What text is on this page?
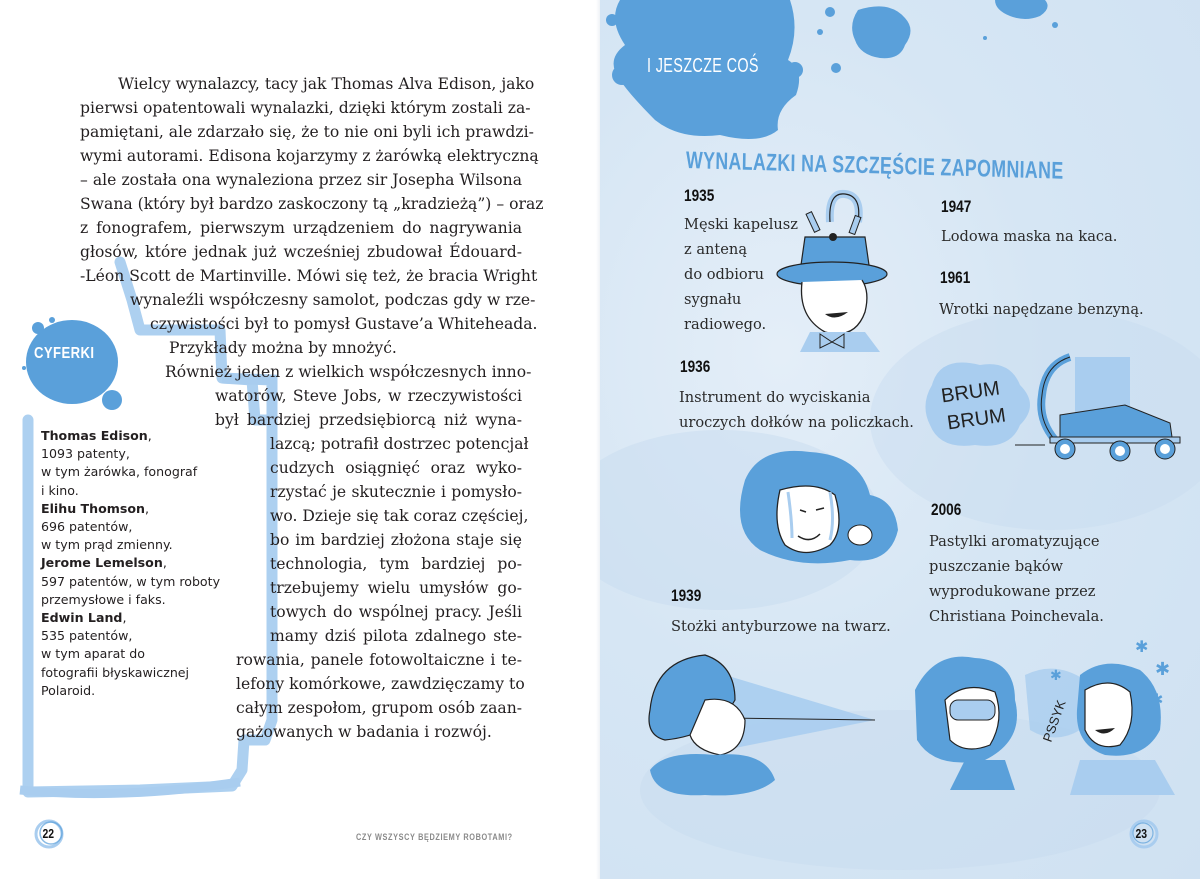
CYFERKI
Thomas Edison,
1093 patenty,
w tym żarówka, fonograf
i kino.
Elihu Thomson,
696 patentów,
w tym prąd zmienny.
Jerome Lemelson,
597 patentów, w tym roboty
przemysłowe i faks.
Edwin Land,
535 patentów,
w tym aparat do
fotografii błyskawicznej
Polaroid.
Wielcy wynalazcy, tacy jak Thomas Alva Edison, jako
pierwsi opatentowali wynalazki, dzięki którym zostali za-
pamiętani, ale zdarzało się, że to nie oni byli ich prawdzi-
wymi autorami. Edisona kojarzymy z żarówką elektryczną
– ale została ona wynaleziona przez sir Josepha Wilsona
Swana (który był bardzo zaskoczony tą „kradzieżą”) – oraz
z fonografem, pierwszym urządzeniem do nagrywania
głosów, które jednak już wcześniej zbudował Édouard-
-Léon Scott de Martinville. Mówi się też, że bracia Wright
wynaleźli współczesny samolot, podczas gdy w rze-
czywistości był to pomysł Gustave’a Whiteheada.
Przykłady można by mnożyć.
Również jeden z wielkich współczesnych inno-
watorów, Steve Jobs, w rzeczywistości
był bardziej przedsiębiorcą niż wyna-
lazcą; potrafił dostrzec potencjał
cudzych osiągnięć oraz wyko-
rzystać je skutecznie i pomysło-
wo. Dzieje się tak coraz częściej,
bo im bardziej złożona staje się
technologia, tym bardziej po-
trzebujemy wielu umysłów go-
towych do wspólnej pracy. Jeśli
mamy dziś pilota zdalnego ste-
rowania, panele fotowoltaiczne i te-
lefony komórkowe, zawdzięczamy to
całym zespołom, grupom osób zaan-
gażowanych w badania i rozwój.
22	CZY WSZYSCY BĘDZIEMY ROBOTAMI?
I JESZCZE COŚ
WYNALAZKI NA SZCZĘŚCIE ZAPOMNIANE
1935
Męski kapelusz
z anteną
do odbioru
sygnału
radiowego.
1947
Lodowa maska na kaca.
1961
Wrotki napędzane benzyną.
BRUM
BRUM
1936
Instrument do wyciskania
uroczych dołków na policzkach.
2006
Pastylki aromatyzujące
puszczanie bąków
wyprodukowane przez
Christiana Poinchevala.
PSSYK
✱
✱
✱
✱
1939
Stożki antyburzowe na twarz.
23
